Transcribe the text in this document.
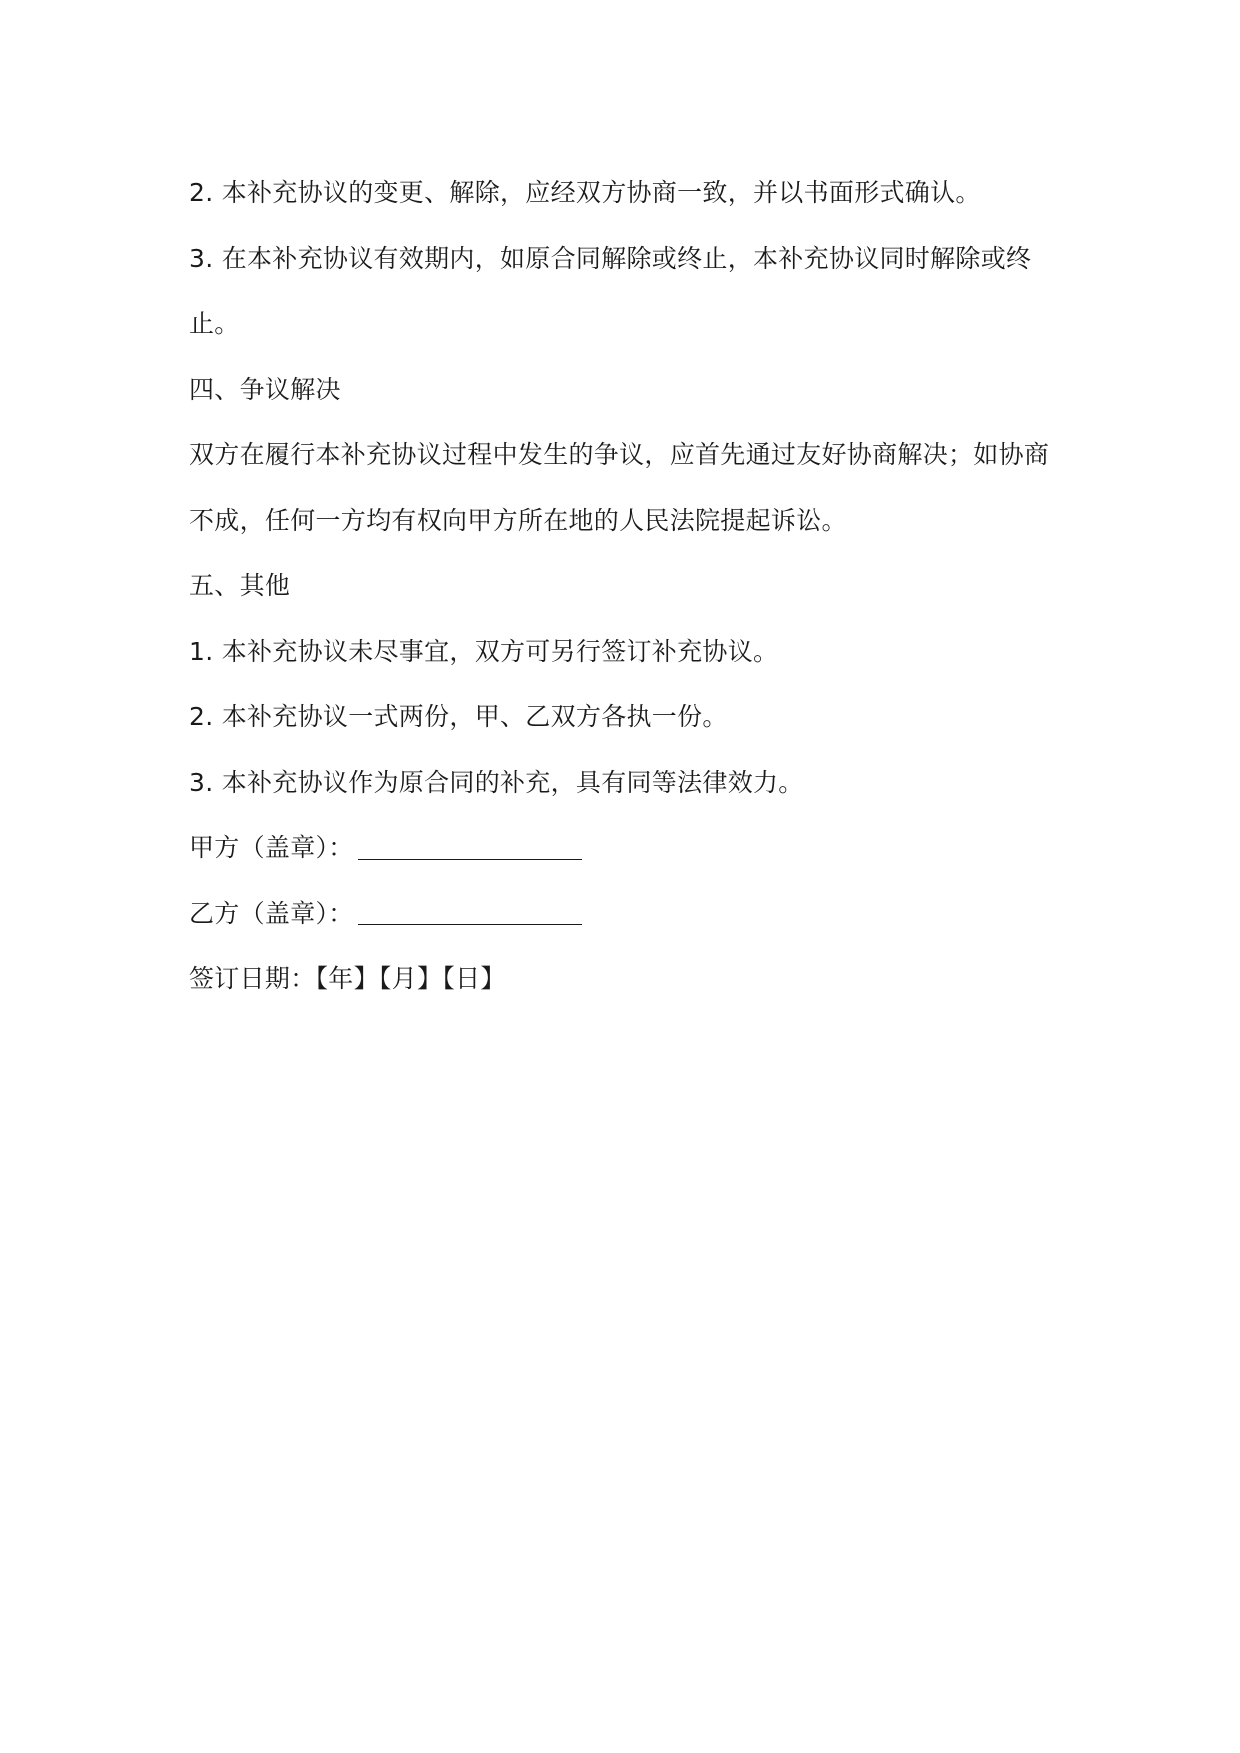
2. 本补充协议的变更、解除，应经双方协商一致，并以书面形式确认。
3. 在本补充协议有效期内，如原合同解除或终止，本补充协议同时解除或终
止。
四、争议解决
双方在履行本补充协议过程中发生的争议，应首先通过友好协商解决；如协商
不成，任何一方均有权向甲方所在地的人民法院提起诉讼。
五、其他
1. 本补充协议未尽事宜，双方可另行签订补充协议。
2. 本补充协议一式两份，甲、乙双方各执一份。
3. 本补充协议作为原合同的补充，具有同等法律效力。
甲方（盖章）：
乙方（盖章）：
签订日期：【年】【月】【日】
